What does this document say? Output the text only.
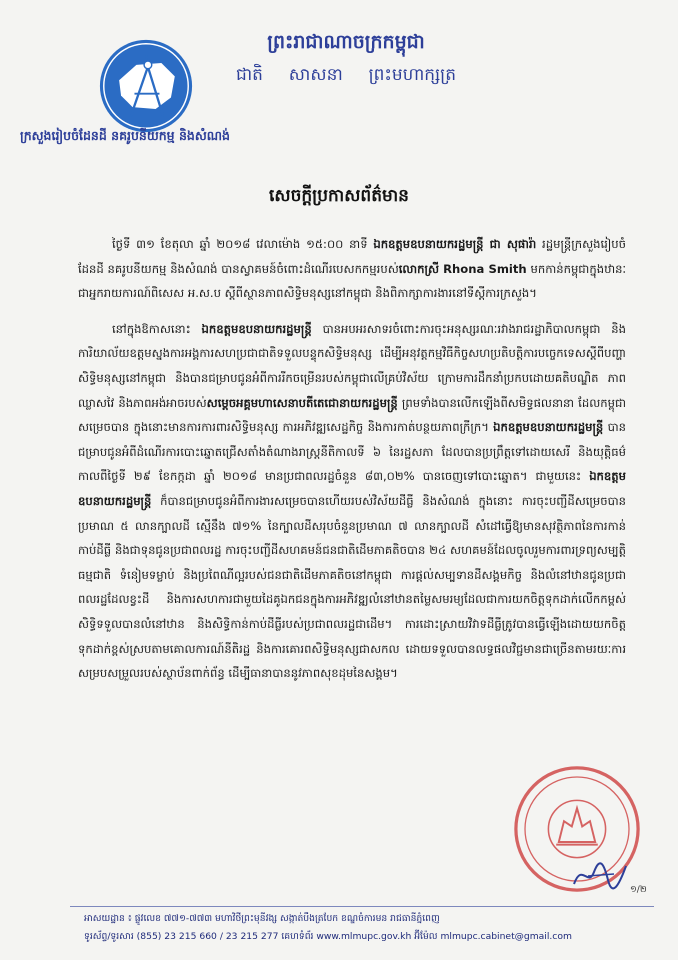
ព្រះរាជាណាចក្រកម្ពុជា
ជាតិ សាសនា ព្រះមហាក្សត្រ
ក្រសួងរៀបចំដែនដី នគរូបនីយកម្ម និងសំណង់
សេចក្តីប្រកាសព័ត៌មាន

ថ្ងៃទី ៣១ ខែតុលា ឆ្នាំ ២០១៨ វេលាម៉ោង ១៥:០០ នាទី ឯកឧត្តមឧបនាយករដ្ឋមន្ត្រី ជា សុផារ៉ា រដ្ឋមន្ត្រីក្រសួងរៀបចំដែនដី នគរូបនីយកម្ម និងសំណង់ បានស្វាគមន៍ចំពោះដំណើរបេសកកម្មរបស់លោកស្រី Rhona Smith មកកាន់កម្ពុជាក្នុងឋានៈជាអ្នករាយការណ៍ពិសេស អ.ស.ប ស្តីពីស្ថានភាពសិទ្ធិមនុស្សនៅកម្ពុជា និងពិភាក្សាការងារនៅទីស្តីការក្រសួង។

នៅក្នុងឱកាសនោះ ឯកឧត្តមឧបនាយករដ្ឋមន្ត្រី បានអបអរសាទរចំពោះការចុះអនុស្សរណៈរវាងរាជរដ្ឋាភិបាលកម្ពុជា និងការិយាល័យឧត្តមស្នងការអង្គការសហប្រជាជាតិទទួលបន្ទុកសិទ្ធិមនុស្ស ដើម្បីអនុវត្តកម្មវិធីកិច្ចសហប្រតិបត្តិការបច្ចេកទេសស្តីពីបញ្ហាសិទ្ធិមនុស្សនៅកម្ពុជា និងបានជម្រាបជូនអំពីការរីកចម្រើនរបស់កម្ពុជាលើគ្រប់វិស័យ ក្រោមការដឹកនាំប្រកបដោយគតិបណ្ឌិត ភាពឈ្លាសវៃ និងភាពអង់អាចរបស់សម្តេចអគ្គមហាសេនាបតីតេជោនាយករដ្ឋមន្ត្រី ព្រមទាំងបានលើកឡើងពីសមិទ្ធផលនានា ដែលកម្ពុជាសម្រេចបាន ក្នុងនោះមានការការពារសិទ្ធិមនុស្ស ការអភិវឌ្ឍសេដ្ឋកិច្ច និងការកាត់បន្ថយភាពក្រីក្រ។ ឯកឧត្តមឧបនាយករដ្ឋមន្ត្រី បានជម្រាបជូនអំពីដំណើរការបោះឆ្នោតជ្រើសតាំងតំណាងរាស្ត្រនីតិកាលទី ៦ នៃរដ្ឋសភា ដែលបានប្រព្រឹត្តទៅដោយសេរី និងយុត្តិធម៌កាលពីថ្ងៃទី ២៩ ខែកក្កដា ឆ្នាំ ២០១៨ មានប្រជាពលរដ្ឋចំនួន ៨៣,០២% បានចេញទៅបោះឆ្នោត។ ជាមួយនេះ ឯកឧត្តមឧបនាយករដ្ឋមន្ត្រី ក៏បានជម្រាបជូនអំពីការងារសម្រេចបានហើយរបស់វិស័យដីធ្លី និងសំណង់ ក្នុងនោះ ការចុះបញ្ជីដីសម្រេចបានប្រមាណ ៥ លានក្បាលដី ស្មើនឹង ៧១% នៃក្បាលដីសរុបចំនួនប្រមាណ ៧ លានក្បាលដី សំដៅធ្វើឱ្យមានសុវត្ថិភាពនៃការកាន់កាប់ដីធ្លី និងជាទុនជូនប្រជាពលរដ្ឋ ការចុះបញ្ជីដីសហគមន៍ជនជាតិដើមភាគតិចបាន ២៤ សហគមន៍ដែលចូលរួមការពារទ្រព្យសម្បត្តិធម្មជាតិ ទំនៀមទម្លាប់ និងប្រពៃណីល្អរបស់ជនជាតិដើមភាគតិចនៅកម្ពុជា ការផ្តល់សម្បទានដីសង្គមកិច្ច និងលំនៅឋានជូនប្រជាពលរដ្ឋដែលខ្វះដី និងការសហការជាមួយដៃគូឯកជនក្នុងការអភិវឌ្ឍលំនៅឋានតម្លៃសមរម្យដែលជាការយកចិត្តទុកដាក់លើកកម្ពស់សិទ្ធិទទួលបានលំនៅឋាន និងសិទ្ធិកាន់កាប់ដីធ្លីរបស់ប្រជាពលរដ្ឋជាដើម។ ការដោះស្រាយវិវាទដីធ្លីត្រូវបានធ្វើឡើងដោយយកចិត្តទុកដាក់ខ្ពស់ស្របតាមគោលការណ៍នីតិរដ្ឋ និងការគោរពសិទ្ធិមនុស្សជាសកល ដោយទទួលបានលទ្ធផលវិជ្ជមានជាច្រើនតាមរយៈការសម្របសម្រួលរបស់ស្ថាប័នពាក់ព័ន្ធ ដើម្បីធានាបាននូវភាពសុខដុមនៃសង្គម។

១/២
អាសយដ្ឋាន ៖ ផ្លូវលេខ ៧៧១-៧៧៣ មហាវិថីព្រះមុនីវង្ស សង្កាត់បឹងត្របែក ខណ្ឌចំការមន រាជធានីភ្នំពេញ
ទូរស័ព្ទ/ទូរសារ (855) 23 215 660 / 23 215 277 គេហទំព័រ www.mlmupc.gov.kh អ៊ីម៉ែល mlmupc.cabinet@gmail.com
